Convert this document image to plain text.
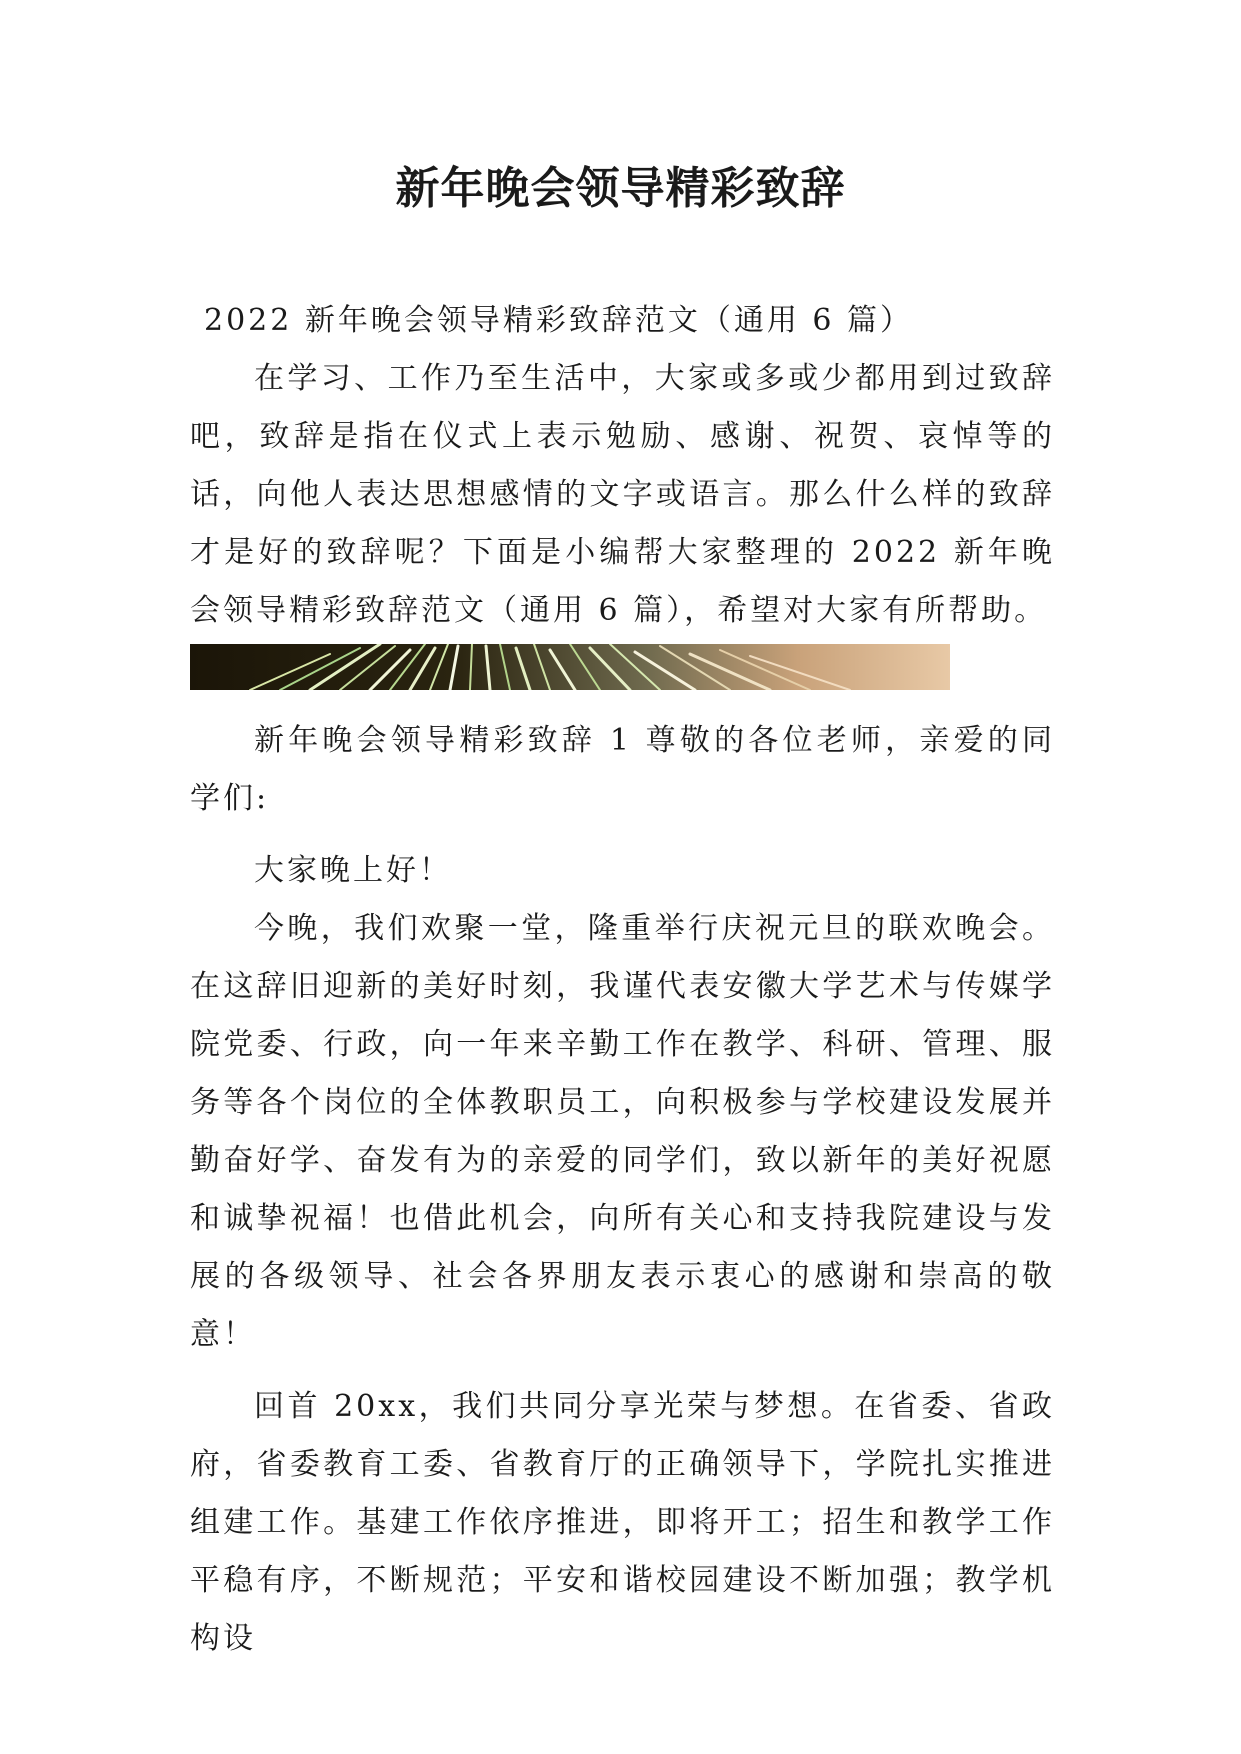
新年晚会领导精彩致辞

2022 新年晚会领导精彩致辞范文（通用 6 篇）

在学习、工作乃至生活中，大家或多或少都用到过致辞吧，致辞是指在仪式上表示勉励、感谢、祝贺、哀悼等的话，向他人表达思想感情的文字或语言。那么什么样的致辞才是好的致辞呢？下面是小编帮大家整理的 2022 新年晚会领导精彩致辞范文（通用 6 篇），希望对大家有所帮助。

新年晚会领导精彩致辞 1 尊敬的各位老师，亲爱的同学们:

大家晚上好！

今晚，我们欢聚一堂，隆重举行庆祝元旦的联欢晚会。在这辞旧迎新的美好时刻，我谨代表安徽大学艺术与传媒学院党委、行政，向一年来辛勤工作在教学、科研、管理、服务等各个岗位的全体教职员工，向积极参与学校建设发展并勤奋好学、奋发有为的亲爱的同学们，致以新年的美好祝愿和诚挚祝福！也借此机会，向所有关心和支持我院建设与发展的各级领导、社会各界朋友表示衷心的感谢和崇高的敬意！

回首 20xx，我们共同分享光荣与梦想。在省委、省政府，省委教育工委、省教育厅的正确领导下，学院扎实推进组建工作。基建工作依序推进，即将开工；招生和教学工作平稳有序，不断规范；平安和谐校园建设不断加强；教学机构设
